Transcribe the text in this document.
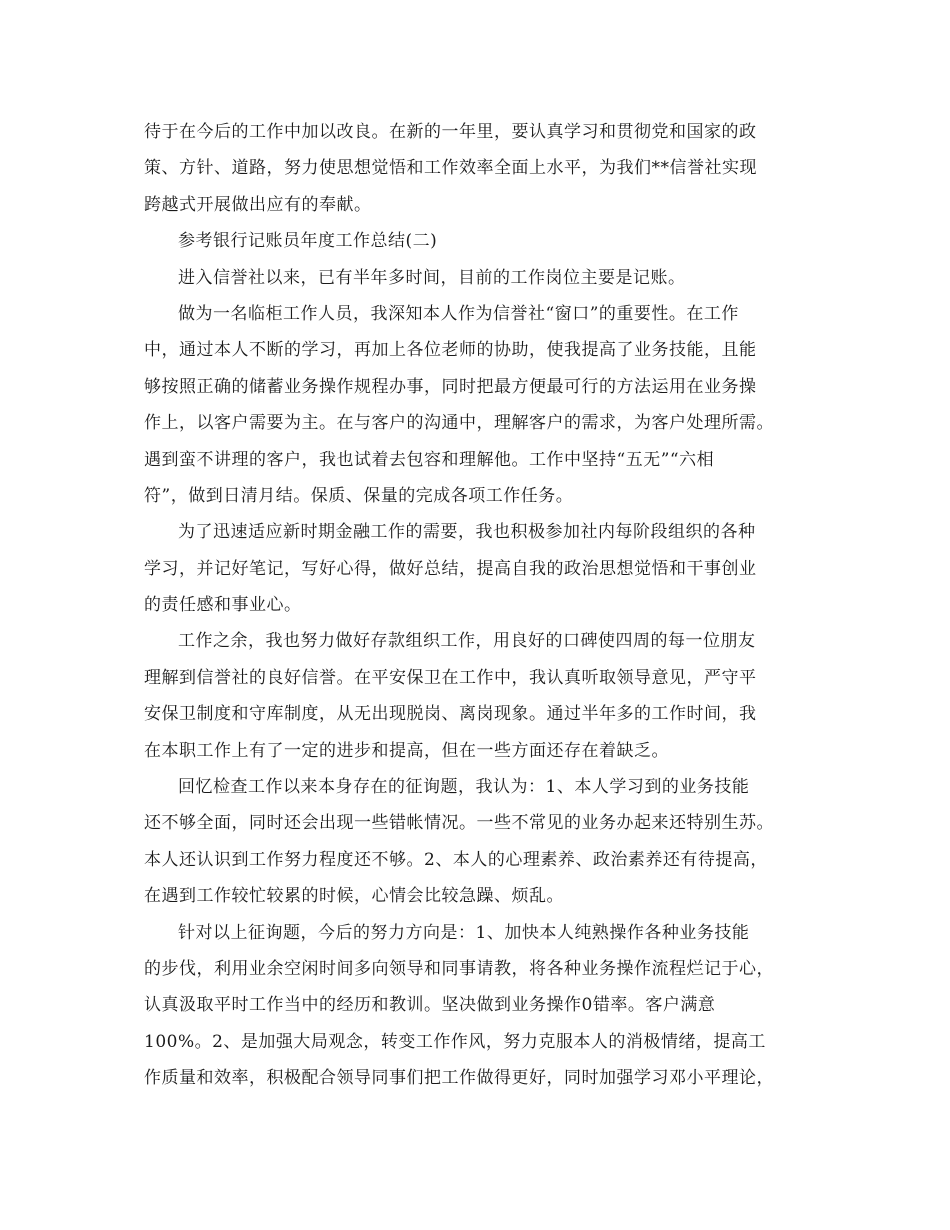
待于在今后的工作中加以改良。在新的一年里，要认真学习和贯彻党和国家的政
策、方针、道路，努力使思想觉悟和工作效率全面上水平，为我们**信誉社实现
跨越式开展做出应有的奉献。
参考银行记账员年度工作总结(二)
进入信誉社以来，已有半年多时间，目前的工作岗位主要是记账。
做为一名临柜工作人员，我深知本人作为信誉社“窗口”的重要性。在工作
中，通过本人不断的学习，再加上各位老师的协助，使我提高了业务技能，且能
够按照正确的储蓄业务操作规程办事，同时把最方便最可行的方法运用在业务操
作上，以客户需要为主。在与客户的沟通中，理解客户的需求，为客户处理所需。
遇到蛮不讲理的客户，我也试着去包容和理解他。工作中坚持“五无”“六相
符”，做到日清月结。保质、保量的完成各项工作任务。
为了迅速适应新时期金融工作的需要，我也积极参加社内每阶段组织的各种
学习，并记好笔记，写好心得，做好总结，提高自我的政治思想觉悟和干事创业
的责任感和事业心。
工作之余，我也努力做好存款组织工作，用良好的口碑使四周的每一位朋友
理解到信誉社的良好信誉。在平安保卫在工作中，我认真听取领导意见，严守平
安保卫制度和守库制度，从无出现脱岗、离岗现象。通过半年多的工作时间，我
在本职工作上有了一定的进步和提高，但在一些方面还存在着缺乏。
回忆检查工作以来本身存在的征询题，我认为：1、本人学习到的业务技能
还不够全面，同时还会出现一些错帐情况。一些不常见的业务办起来还特别生苏。
本人还认识到工作努力程度还不够。2、本人的心理素养、政治素养还有待提高，
在遇到工作较忙较累的时候，心情会比较急躁、烦乱。
针对以上征询题，今后的努力方向是：1、加快本人纯熟操作各种业务技能
的步伐，利用业余空闲时间多向领导和同事请教，将各种业务操作流程烂记于心，
认真汲取平时工作当中的经历和教训。坚决做到业务操作0错率。客户满意
100%。2、是加强大局观念，转变工作作风，努力克服本人的消极情绪，提高工
作质量和效率，积极配合领导同事们把工作做得更好，同时加强学习邓小平理论，
